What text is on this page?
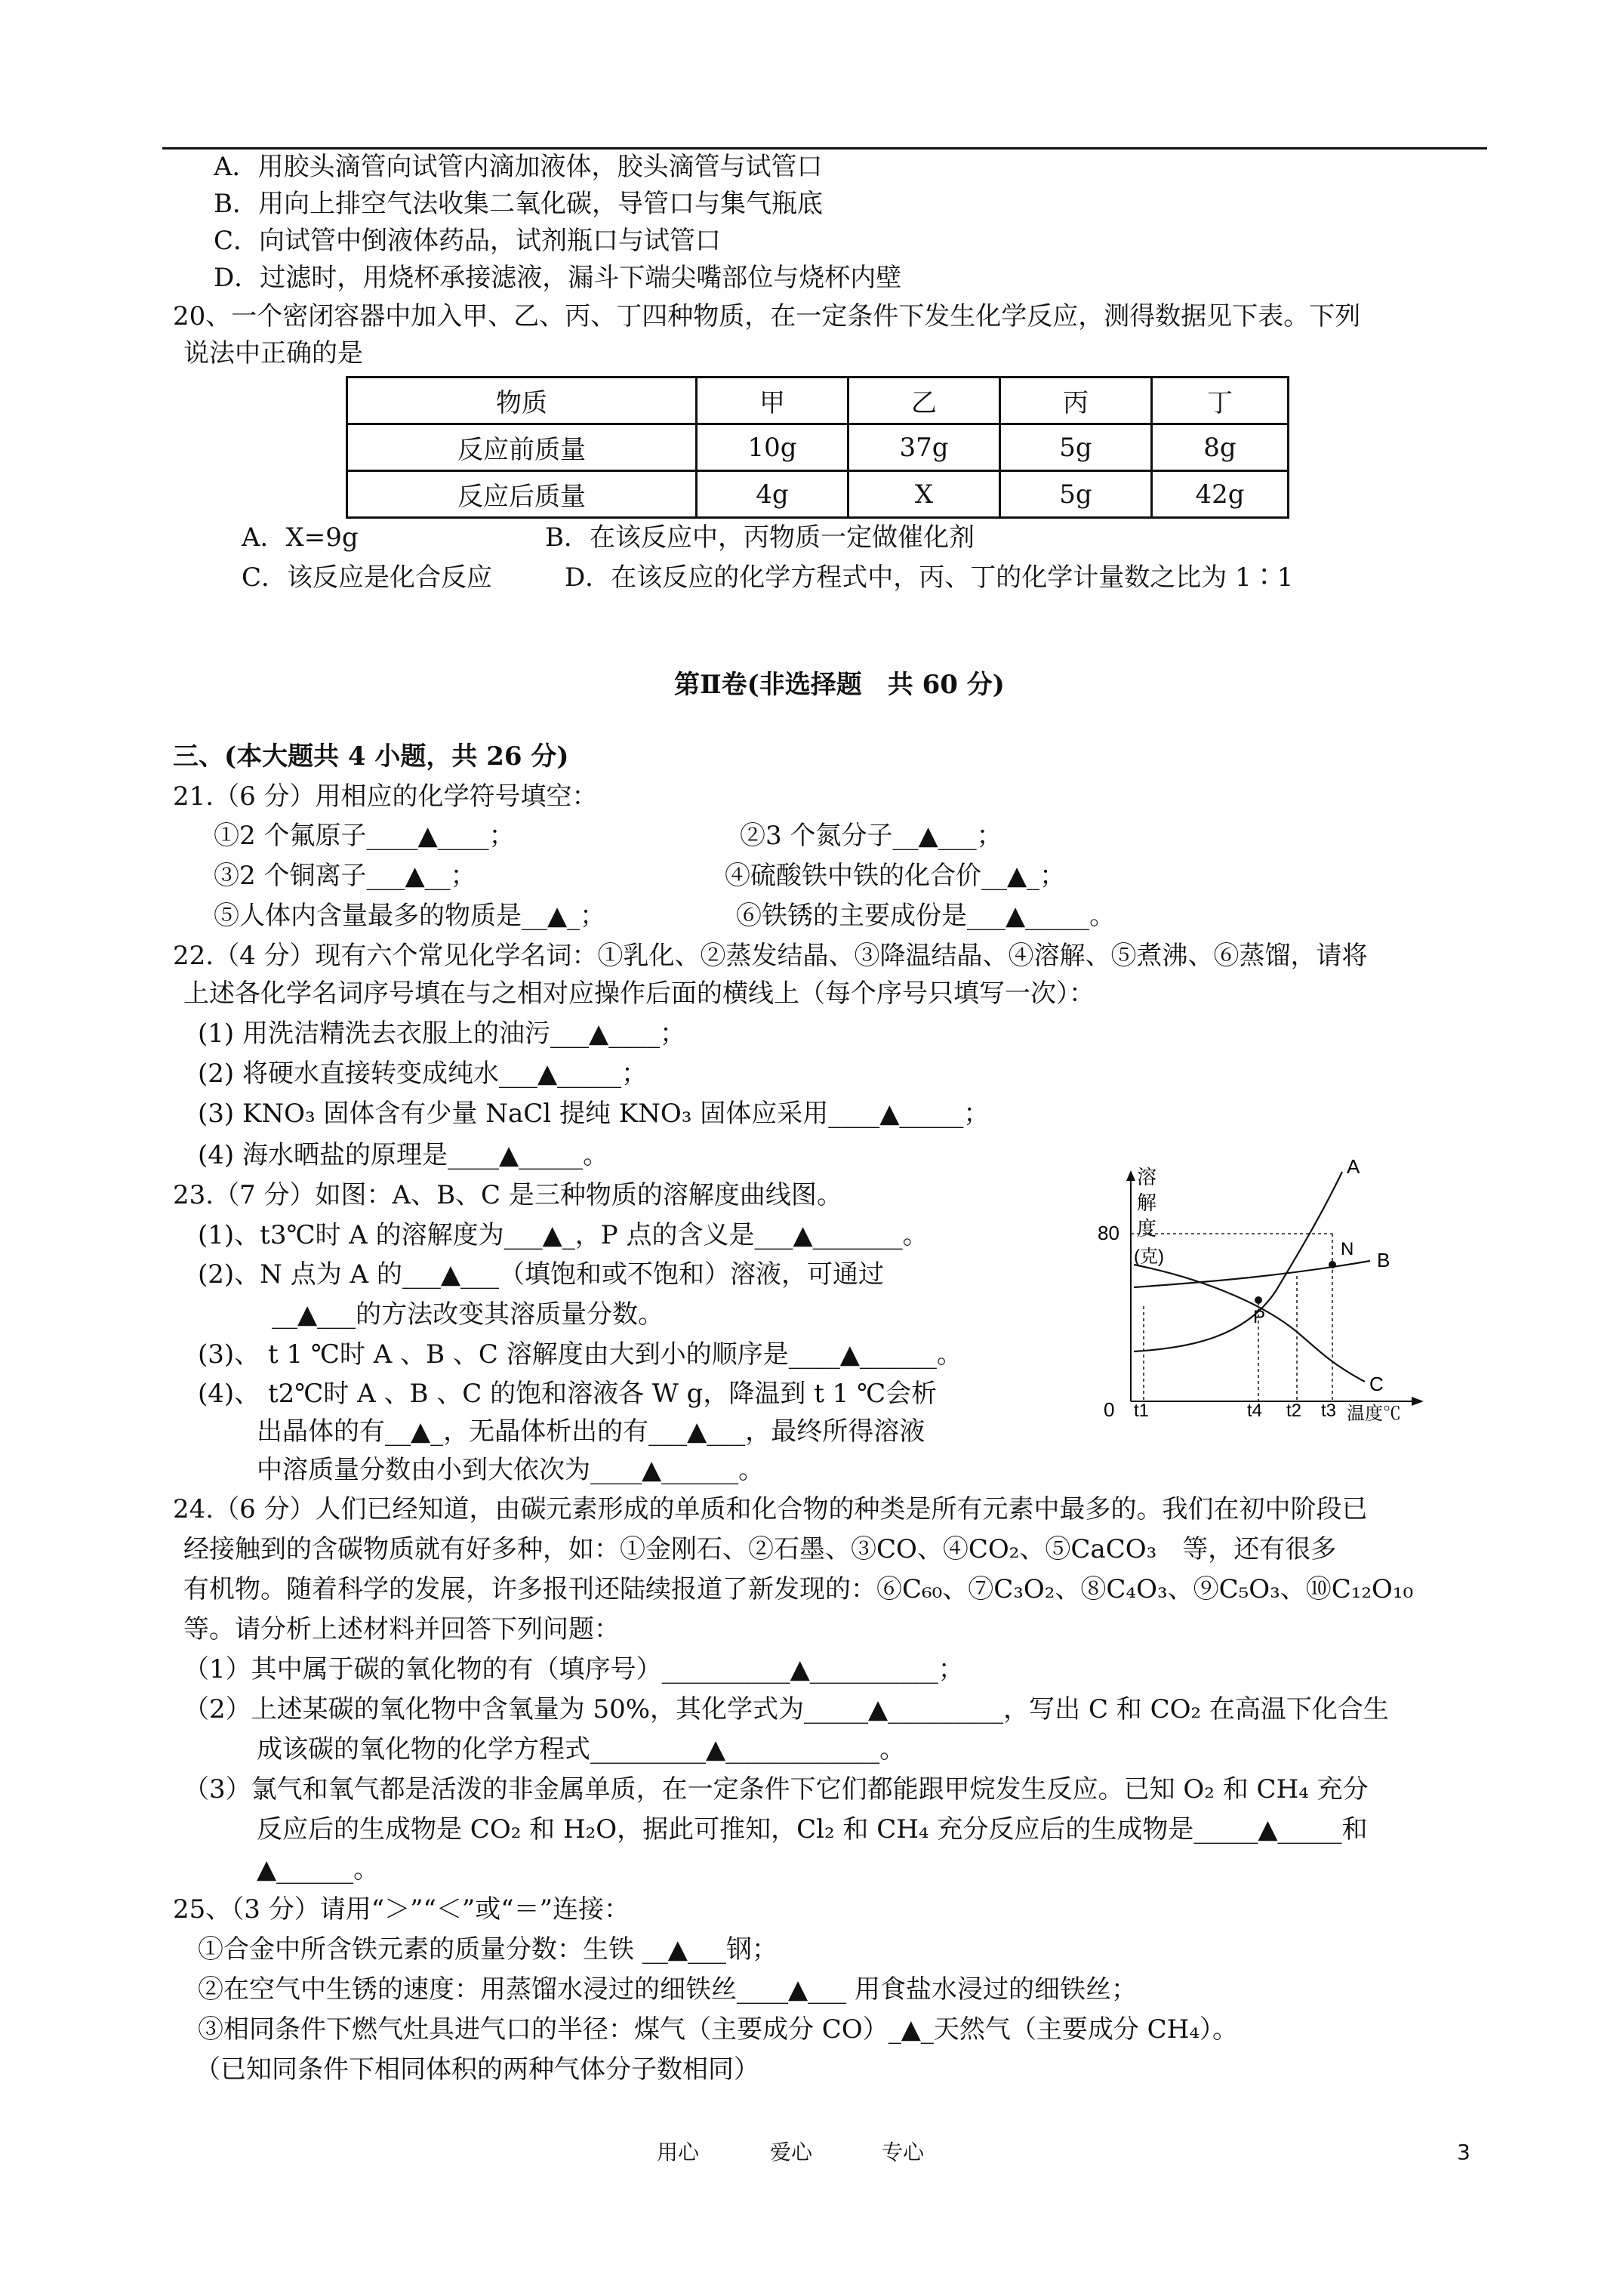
A．用胶头滴管向试管内滴加液体，胶头滴管与试管口
B．用向上排空气法收集二氧化碳，导管口与集气瓶底
C．向试管中倒液体药品，试剂瓶口与试管口
D．过滤时，用烧杯承接滤液，漏斗下端尖嘴部位与烧杯内壁
20、一个密闭容器中加入甲、乙、丙、丁四种物质，在一定条件下发生化学反应，测得数据见下表。下列
说法中正确的是
物质	甲	乙	丙	丁
反应前质量	10g	37g	5g	8g
反应后质量	4g	X	5g	42g
A．X=9g	B．在该反应中，丙物质一定做催化剂
C．该反应是化合反应	D．在该反应的化学方程式中，丙、丁的化学计量数之比为 1∶1
第Ⅱ卷(非选择题　共 60 分)
三、(本大题共 4 小题，共 26 分)
21.（6 分）用相应的化学符号填空：
①2 个氟原子____▲____；	②3 个氮分子__▲___；
③2 个铜离子___▲__；	④硫酸铁中铁的化合价__▲_；
⑤人体内含量最多的物质是__▲_；	⑥铁锈的主要成份是___▲_____。
22.（4 分）现有六个常见化学名词：①乳化、②蒸发结晶、③降温结晶、④溶解、⑤煮沸、⑥蒸馏，请将
上述各化学名词序号填在与之相对应操作后面的横线上（每个序号只填写一次）：
(1) 用洗洁精洗去衣服上的油污___▲____；
(2) 将硬水直接转变成纯水___▲_____；
(3) KNO₃ 固体含有少量 NaCl 提纯 KNO₃ 固体应采用____▲_____；
(4) 海水晒盐的原理是____▲_____。
23.（7 分）如图：A、B、C 是三种物质的溶解度曲线图。
(1)、t3℃时 A 的溶解度为___▲_，P 点的含义是___▲_______。
(2)、N 点为 A 的___▲___（填饱和或不饱和）溶液，可通过
__▲___的方法改变其溶质量分数。
(3)、 t 1 ℃时 A 、B 、C 溶解度由大到小的顺序是____▲______。
(4)、 t2℃时 A 、B 、C 的饱和溶液各 W g，降温到 t 1 ℃会析
出晶体的有__▲_，无晶体析出的有___▲___，最终所得溶液
中溶质量分数由小到大依次为____▲______。
溶
解
度
(克)
80
A
B
C
P
N
0 t1	t4 t2 t3 温度℃
24.（6 分）人们已经知道，由碳元素形成的单质和化合物的种类是所有元素中最多的。我们在初中阶段已
经接触到的含碳物质就有好多种，如：①金刚石、②石墨、③CO、④CO₂、⑤CaCO₃　等，还有很多
有机物。随着科学的发展，许多报刊还陆续报道了新发现的：⑥C₆₀、⑦C₃O₂、⑧C₄O₃、⑨C₅O₃、⑩C₁₂O₁₀
等。请分析上述材料并回答下列问题：
（1）其中属于碳的氧化物的有（填序号）__________▲__________；
（2）上述某碳的氧化物中含氧量为 50%，其化学式为_____▲_________，写出 C 和 CO₂ 在高温下化合生
成该碳的氧化物的化学方程式_________▲____________。
（3）氯气和氧气都是活泼的非金属单质，在一定条件下它们都能跟甲烷发生反应。已知 O₂ 和 CH₄ 充分
反应后的生成物是 CO₂ 和 H₂O，据此可推知，Cl₂ 和 CH₄ 充分反应后的生成物是_____▲_____和
▲______。
25、（3 分）请用“＞”“＜”或“＝”连接：
①合金中所含铁元素的质量分数：生铁 __▲___钢；
②在空气中生锈的速度：用蒸馏水浸过的细铁丝____▲___ 用食盐水浸过的细铁丝；
③相同条件下燃气灶具进气口的半径：煤气（主要成分 CO）_▲_天然气（主要成分 CH₄）。
（已知同条件下相同体积的两种气体分子数相同）
用心	爱心	专心	3
